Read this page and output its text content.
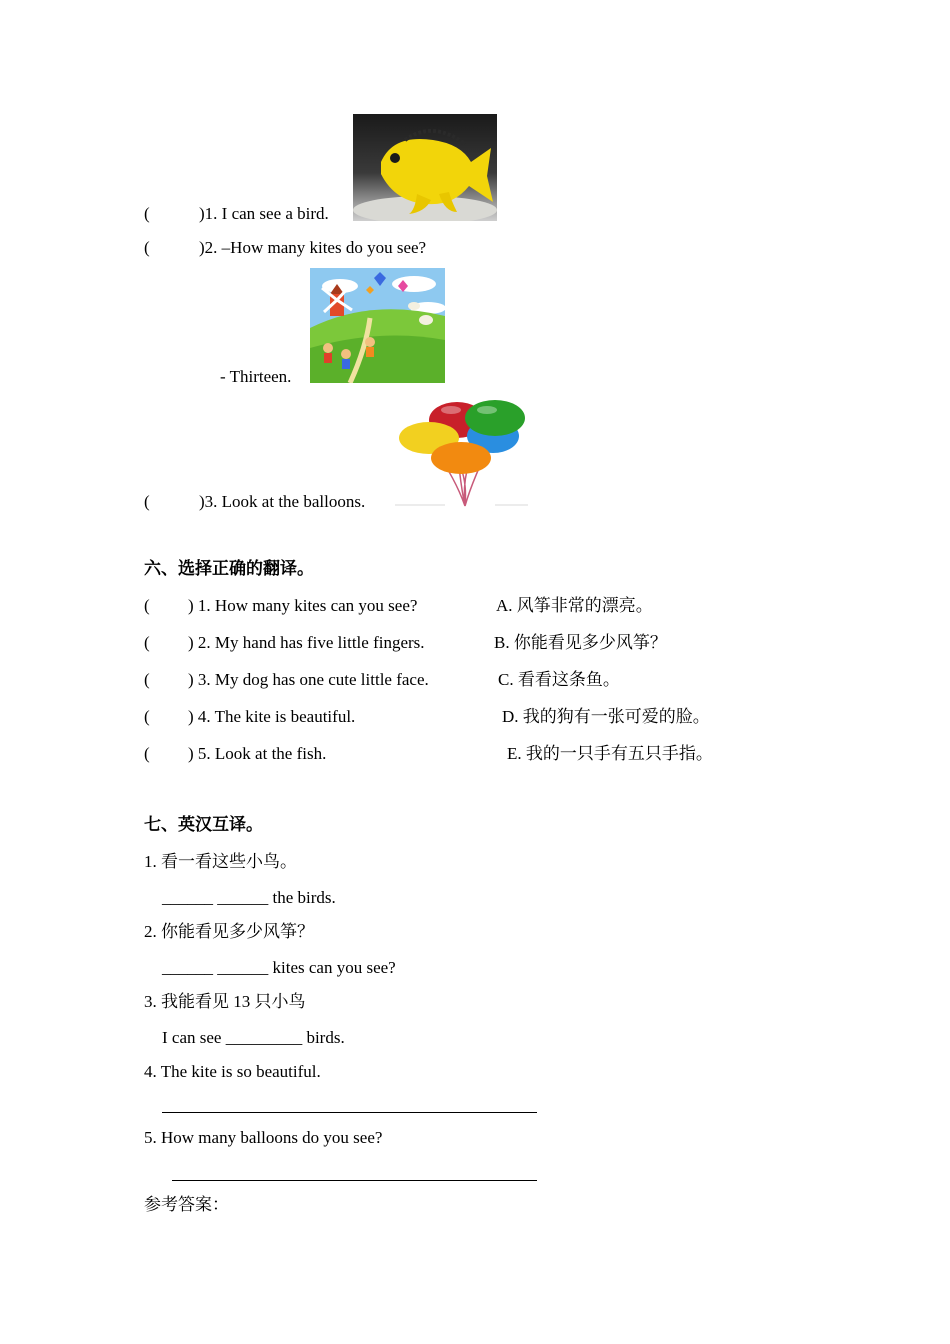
(	)1. I can see a bird.
(	)2. –How many kites do you see?
- Thirteen.
(	)3. Look at the balloons.
六、选择正确的翻译。
( ) 1. How many kites can you see?	A. 风筝非常的漂亮。
( ) 2. My hand has five little fingers.	B. 你能看见多少风筝？
( ) 3. My dog has one cute little face.	C. 看看这条鱼。
( ) 4. The kite is beautiful.	D. 我的狗有一张可爱的脸。
( ) 5. Look at the fish.	E. 我的一只手有五只手指。
七、英汉互译。
1. 看一看这些小鸟。
______ ______ the birds.
2. 你能看见多少风筝？
______ ______ kites can you see?
3. 我能看见 13 只小鸟
I can see _________ birds.
4. The kite is so beautiful.
5. How many balloons do you see?
参考答案：
